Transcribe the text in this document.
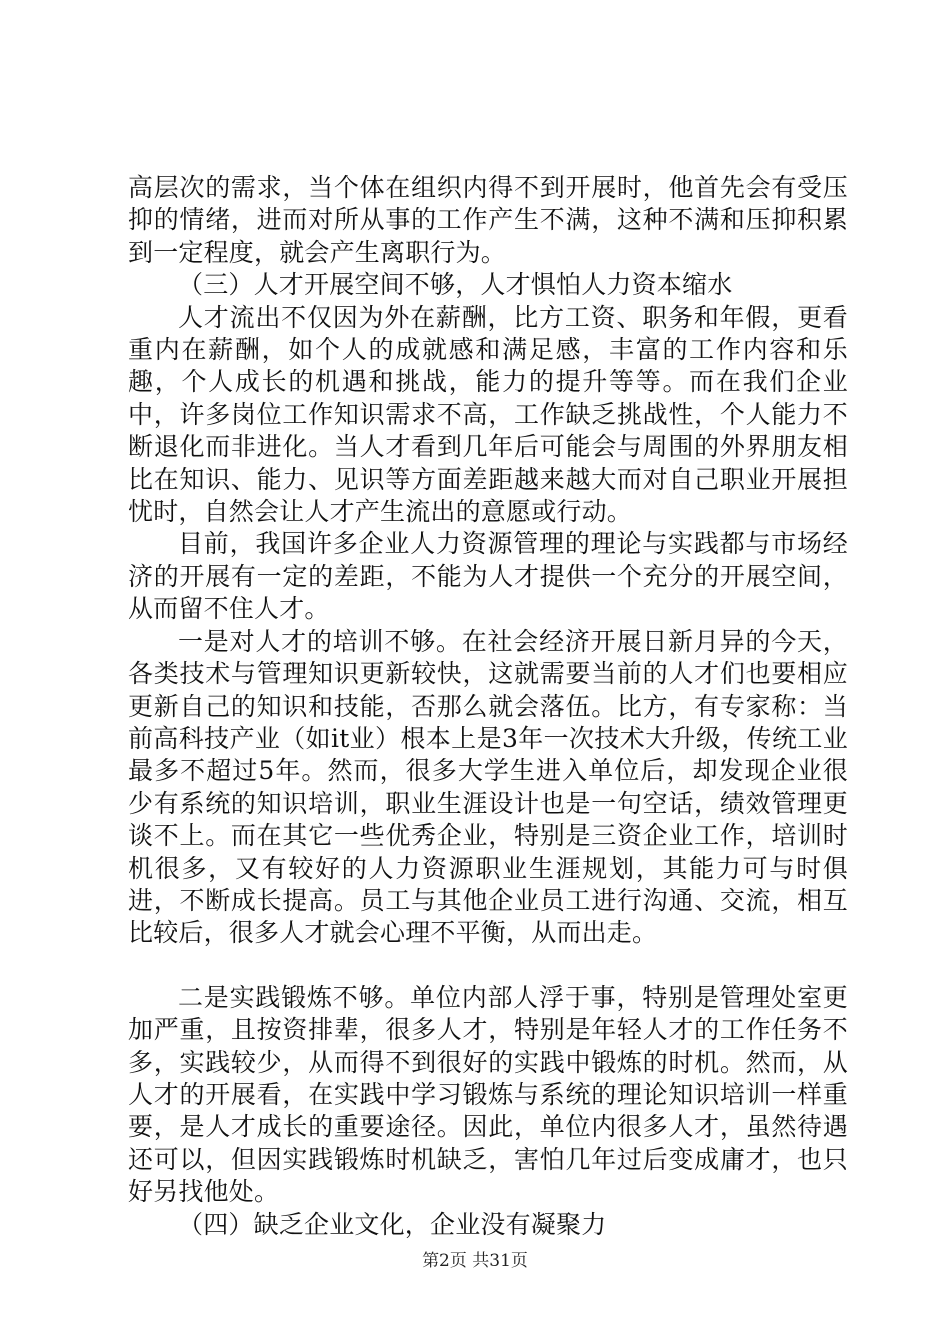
高层次的需求，当个体在组织内得不到开展时，他首先会有受压抑的情绪，进而对所从事的工作产生不满，这种不满和压抑积累到一定程度，就会产生离职行为。

（三）人才开展空间不够，人才惧怕人力资本缩水

人才流出不仅因为外在薪酬，比方工资、职务和年假，更看重内在薪酬，如个人的成就感和满足感，丰富的工作内容和乐趣，个人成长的机遇和挑战，能力的提升等等。而在我们企业中，许多岗位工作知识需求不高，工作缺乏挑战性，个人能力不断退化而非进化。当人才看到几年后可能会与周围的外界朋友相比在知识、能力、见识等方面差距越来越大而对自己职业开展担忧时，自然会让人才产生流出的意愿或行动。

目前，我国许多企业人力资源管理的理论与实践都与市场经济的开展有一定的差距，不能为人才提供一个充分的开展空间，从而留不住人才。

一是对人才的培训不够。在社会经济开展日新月异的今天，各类技术与管理知识更新较快，这就需要当前的人才们也要相应更新自己的知识和技能，否那么就会落伍。比方，有专家称：当前高科技产业（如it业）根本上是3年一次技术大升级，传统工业最多不超过5年。然而，很多大学生进入单位后，却发现企业很少有系统的知识培训，职业生涯设计也是一句空话，绩效管理更谈不上。而在其它一些优秀企业，特别是三资企业工作，培训时机很多，又有较好的人力资源职业生涯规划，其能力可与时俱进，不断成长提高。员工与其他企业员工进行沟通、交流，相互比较后，很多人才就会心理不平衡，从而出走。

二是实践锻炼不够。单位内部人浮于事，特别是管理处室更加严重，且按资排辈，很多人才，特别是年轻人才的工作任务不多，实践较少，从而得不到很好的实践中锻炼的时机。然而，从人才的开展看，在实践中学习锻炼与系统的理论知识培训一样重要，是人才成长的重要途径。因此，单位内很多人才，虽然待遇还可以，但因实践锻炼时机缺乏，害怕几年过后变成庸才，也只好另找他处。

（四）缺乏企业文化，企业没有凝聚力

第2页 共31页
